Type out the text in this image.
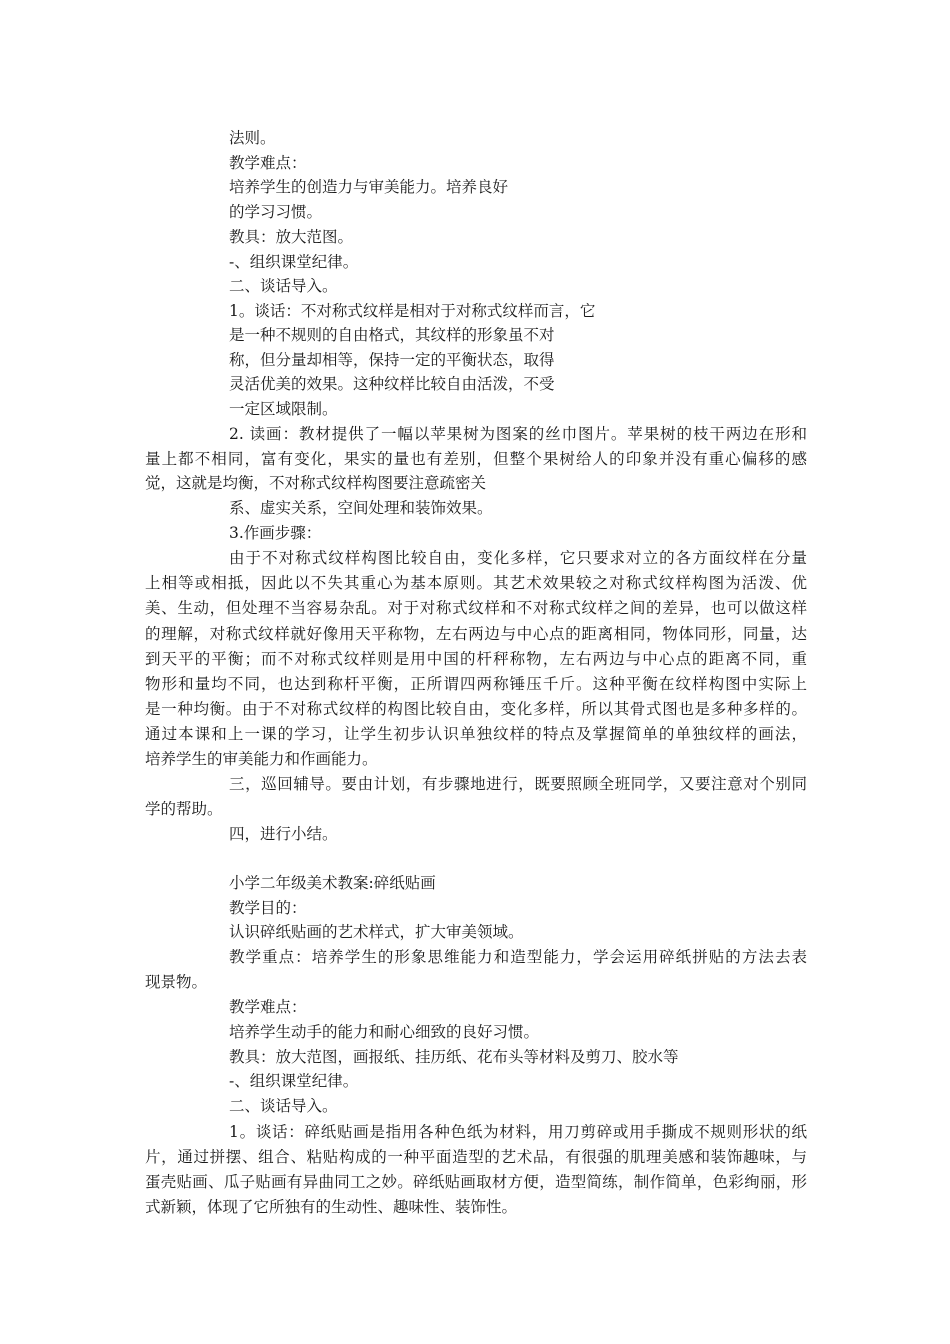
法则。

教学难点：

培养学生的创造力与审美能力。培养良好

的学习习惯。

教具：放大范图。

-、组织课堂纪律。

二、谈话导入。

1。谈话：不对称式纹样是相对于对称式纹样而言，它

是一种不规则的自由格式，其纹样的形象虽不对

称，但分量却相等，保持一定的平衡状态，取得

灵活优美的效果。这种纹样比较自由活泼，不受

一定区域限制。

2. 读画：教材提供了一幅以苹果树为图案的丝巾图片。苹果树的枝干两边在形和

量上都不相同，富有变化，果实的量也有差别，但整个果树给人的印象并没有重心偏移的感

觉，这就是均衡，不对称式纹样构图要注意疏密关

系、虚实关系，空间处理和装饰效果。

3.作画步骤：

由于不对称式纹样构图比较自由，变化多样，它只要求对立的各方面纹样在分量

上相等或相抵，因此以不失其重心为基本原则。其艺术效果较之对称式纹样构图为活泼、优

美、生动，但处理不当容易杂乱。对于对称式纹样和不对称式纹样之间的差异，也可以做这样

的理解，对称式纹样就好像用天平称物，左右两边与中心点的距离相同，物体同形，同量，达

到天平的平衡；而不对称式纹样则是用中国的杆秤称物，左右两边与中心点的距离不同，重

物形和量均不同，也达到称杆平衡，正所谓四两称锤压千斤。这种平衡在纹样构图中实际上

是一种均衡。由于不对称式纹样的构图比较自由，变化多样，所以其骨式图也是多种多样的。

通过本课和上一课的学习，让学生初步认识单独纹样的特点及掌握简单的单独纹样的画法，

培养学生的审美能力和作画能力。

三，巡回辅导。要由计划，有步骤地进行，既要照顾全班同学，又要注意对个别同

学的帮助。

四，进行小结。

小学二年级美术教案:碎纸贴画

教学目的：

认识碎纸贴画的艺术样式，扩大审美领域。

教学重点：培养学生的形象思维能力和造型能力，学会运用碎纸拼贴的方法去表

现景物。

教学难点：

培养学生动手的能力和耐心细致的良好习惯。

教具：放大范图，画报纸、挂历纸、花布头等材料及剪刀、胶水等

-、组织课堂纪律。

二、谈话导入。

1。谈话：碎纸贴画是指用各种色纸为材料，用刀剪碎或用手撕成不规则形状的纸

片，通过拼摆、组合、粘贴构成的一种平面造型的艺术品，有很强的肌理美感和装饰趣味，与

蛋壳贴画、瓜子贴画有异曲同工之妙。碎纸贴画取材方便，造型简练，制作简单，色彩绚丽，形

式新颖，体现了它所独有的生动性、趣味性、装饰性。
